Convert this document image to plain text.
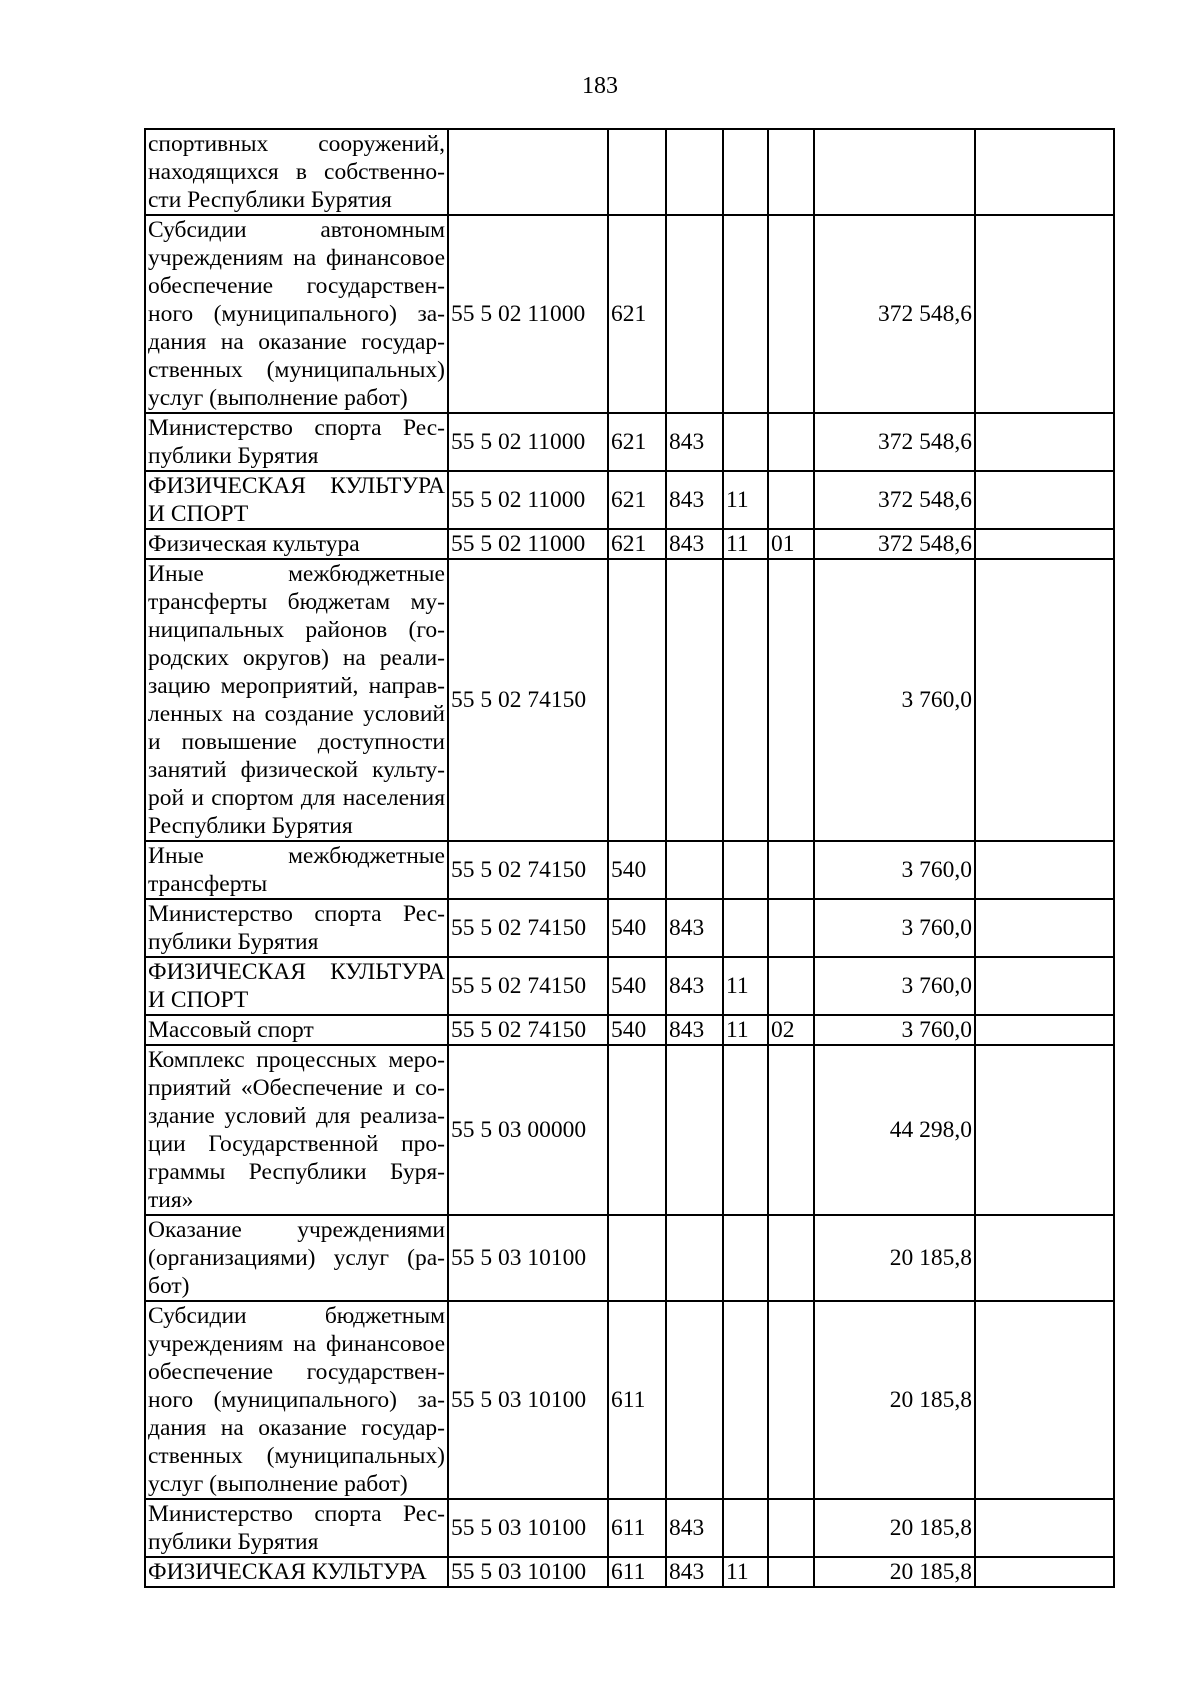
183
спортивных сооружений, находящихся в собственно-сти Республики Бурятия							
Субсидии автономным учреждениям на финансовое обеспечение государствен-ного (муниципального) за-дания на оказание государ-ственных (муниципальных) услуг (выполнение работ)	55 5 02 11000	621				372 548,6	
Министерство спорта Рес-публики Бурятия	55 5 02 11000	621	843			372 548,6	
ФИЗИЧЕСКАЯ КУЛЬТУРА И СПОРТ	55 5 02 11000	621	843	11		372 548,6	
Физическая культура	55 5 02 11000	621	843	11	01	372 548,6	
Иные межбюджетные трансферты бюджетам му-ниципальных районов (го-родских округов) на реали-зацию мероприятий, направ-ленных на создание условий и повышение доступности занятий физической культу-рой и спортом для населения Республики Бурятия	55 5 02 74150					3 760,0	
Иные межбюджетные трансферты	55 5 02 74150	540				3 760,0	
Министерство спорта Рес-публики Бурятия	55 5 02 74150	540	843			3 760,0	
ФИЗИЧЕСКАЯ КУЛЬТУРА И СПОРТ	55 5 02 74150	540	843	11		3 760,0	
Массовый спорт	55 5 02 74150	540	843	11	02	3 760,0	
Комплекс процессных меро-приятий «Обеспечение и со-здание условий для реализа-ции Государственной про-граммы Республики Буря-тия»	55 5 03 00000					44 298,0	
Оказание учреждениями (организациями) услуг (ра-бот)	55 5 03 10100					20 185,8	
Субсидии бюджетным учреждениям на финансовое обеспечение государствен-ного (муниципального) за-дания на оказание государ-ственных (муниципальных) услуг (выполнение работ)	55 5 03 10100	611				20 185,8	
Министерство спорта Рес-публики Бурятия	55 5 03 10100	611	843			20 185,8	
ФИЗИЧЕСКАЯ КУЛЬТУРА	55 5 03 10100	611	843	11		20 185,8	
